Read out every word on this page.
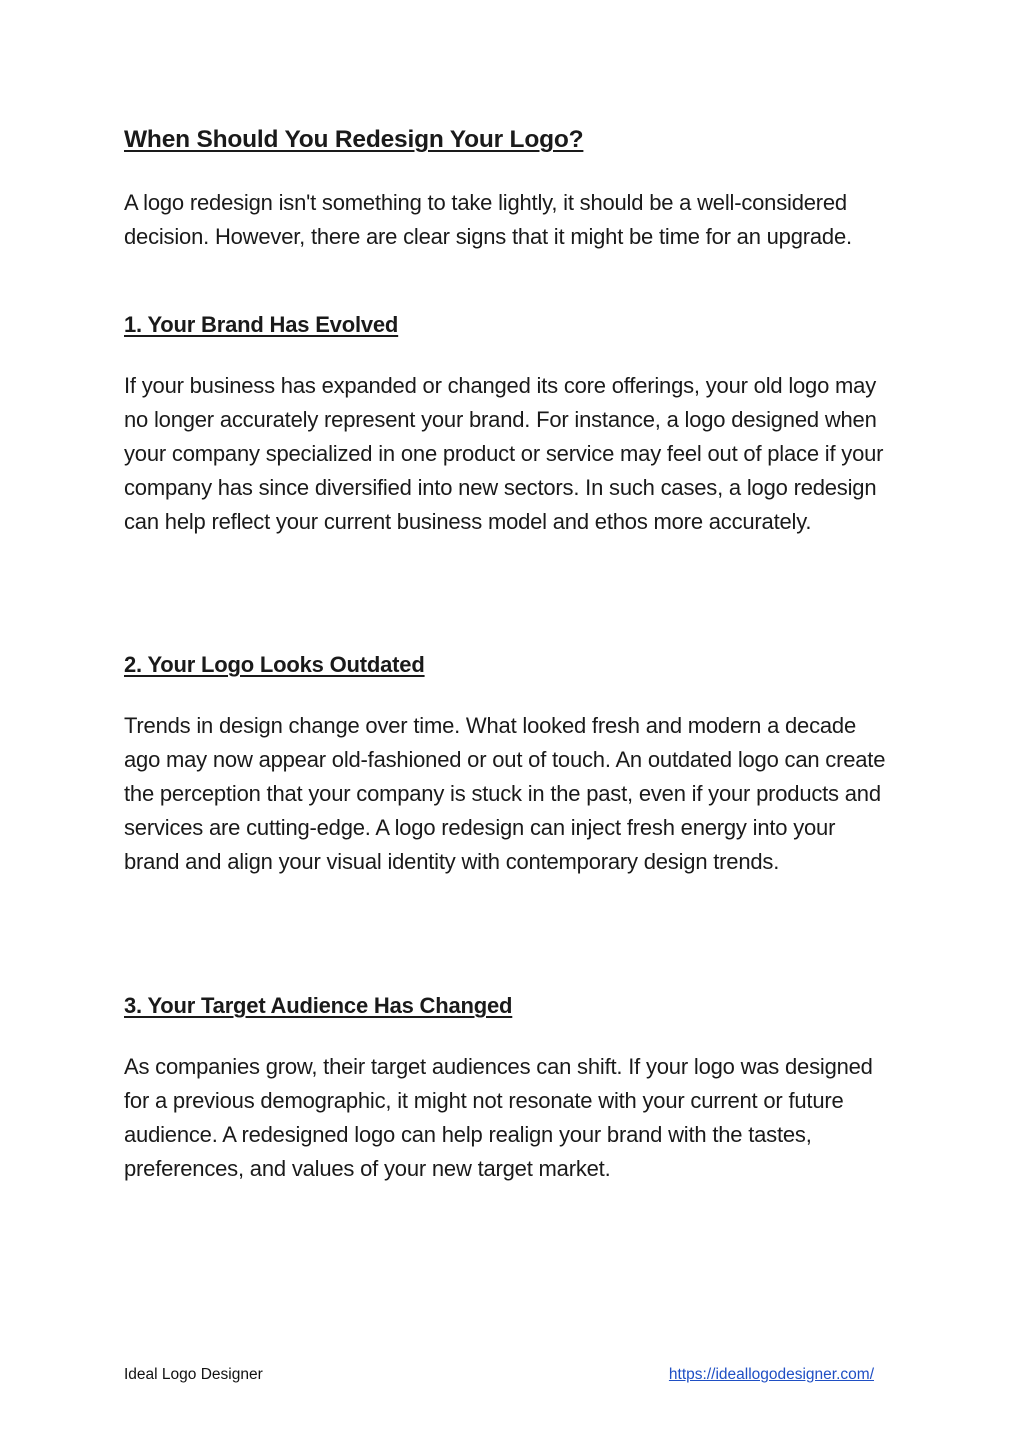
When Should You Redesign Your Logo?

A logo redesign isn't something to take lightly, it should be a well-considered decision. However, there are clear signs that it might be time for an upgrade.

1. Your Brand Has Evolved

If your business has expanded or changed its core offerings, your old logo may no longer accurately represent your brand. For instance, a logo designed when your company specialized in one product or service may feel out of place if your company has since diversified into new sectors. In such cases, a logo redesign can help reflect your current business model and ethos more accurately.

2. Your Logo Looks Outdated

Trends in design change over time. What looked fresh and modern a decade ago may now appear old-fashioned or out of touch. An outdated logo can create the perception that your company is stuck in the past, even if your products and services are cutting-edge. A logo redesign can inject fresh energy into your brand and align your visual identity with contemporary design trends.

3. Your Target Audience Has Changed

As companies grow, their target audiences can shift. If your logo was designed for a previous demographic, it might not resonate with your current or future audience. A redesigned logo can help realign your brand with the tastes, preferences, and values of your new target market.

Ideal Logo Designer	https://ideallogodesigner.com/
